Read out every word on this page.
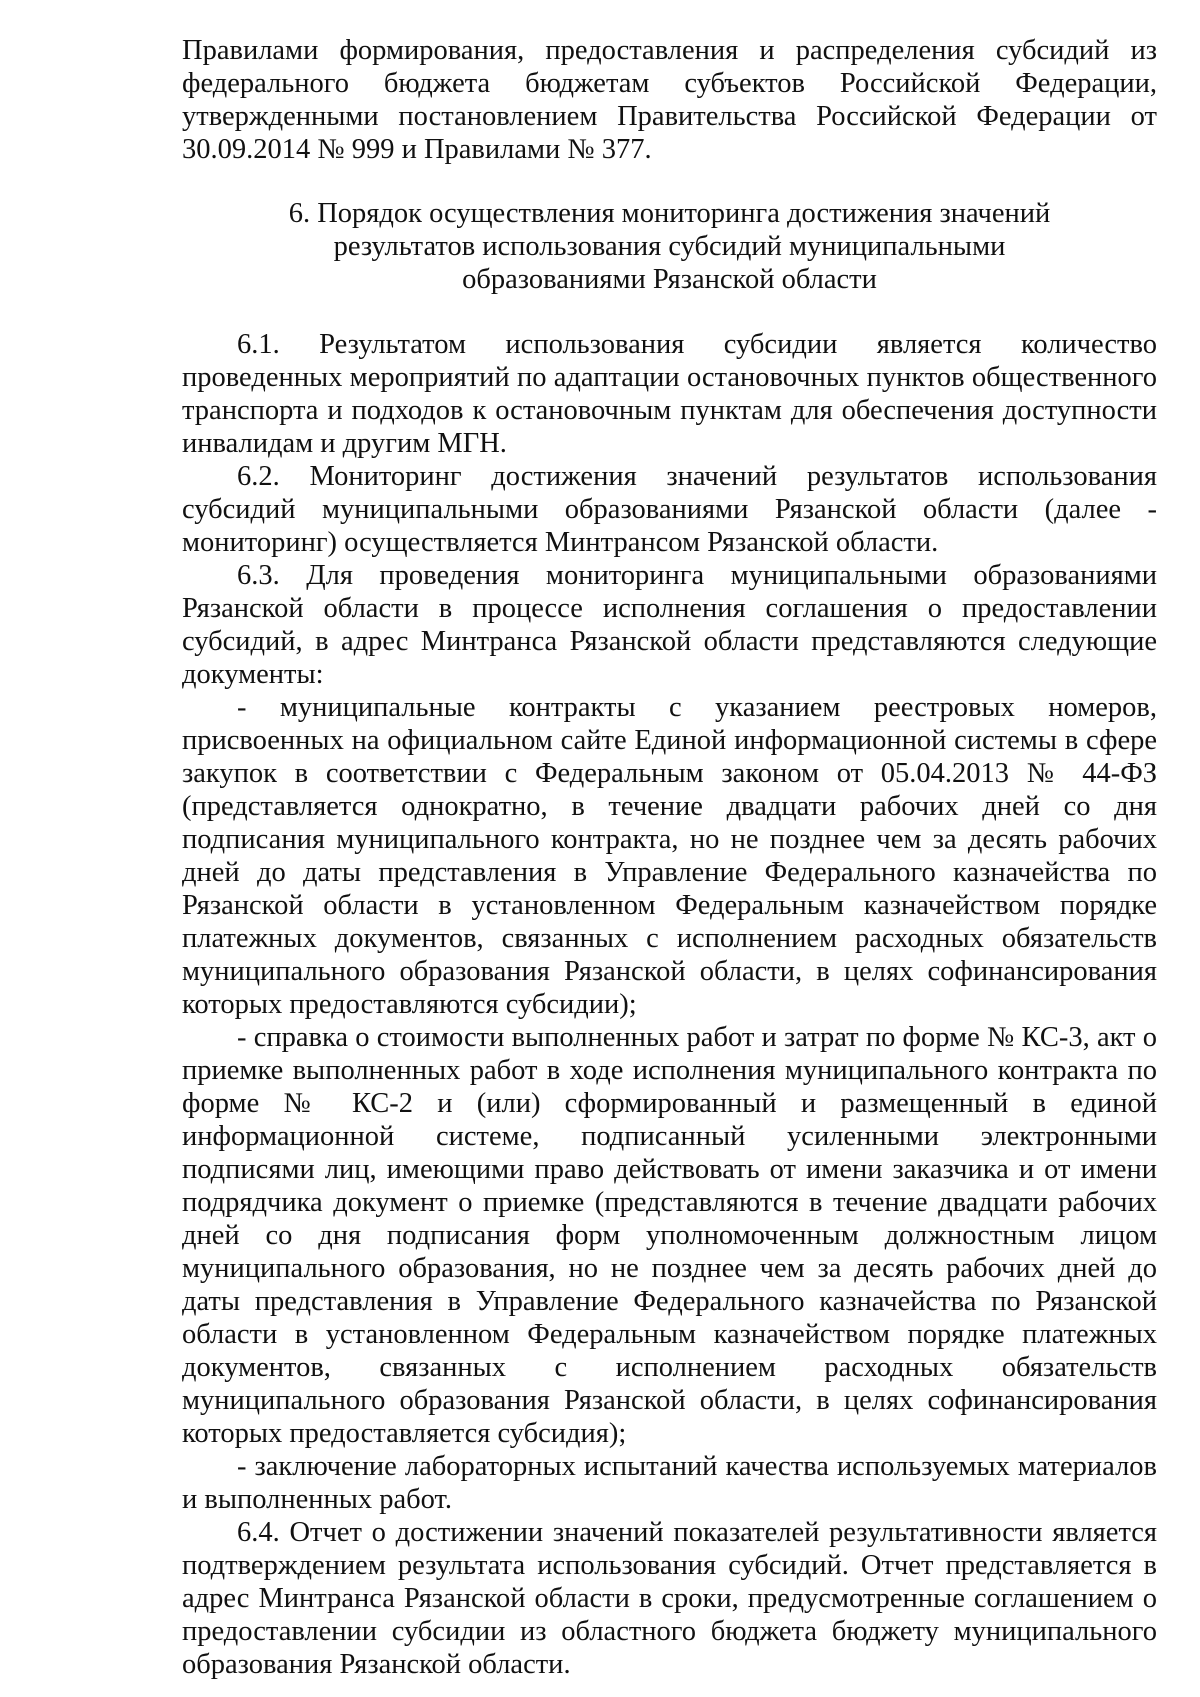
Правилами формирования, предоставления и распределения субсидий из федерального бюджета бюджетам субъектов Российской Федерации, утвержденными постановлением Правительства Российской Федерации от 30.09.2014 № 999 и Правилами № 377.

6. Порядок осуществления мониторинга достижения значений
результатов использования субсидий муниципальными
образованиями Рязанской области

6.1. Результатом использования субсидии является количество проведенных мероприятий по адаптации остановочных пунктов общественного транспорта и подходов к остановочным пунктам для обеспечения доступности инвалидам и другим МГН.

6.2. Мониторинг достижения значений результатов использования субсидий муниципальными образованиями Рязанской области (далее - мониторинг) осуществляется Минтрансом Рязанской области.

6.3. Для проведения мониторинга муниципальными образованиями Рязанской области в процессе исполнения соглашения о предоставлении субсидий, в адрес Минтранса Рязанской области представляются следующие документы:

- муниципальные контракты с указанием реестровых номеров, присвоенных на официальном сайте Единой информационной системы в сфере закупок в соответствии с Федеральным законом от 05.04.2013 № 44-ФЗ (представляется однократно, в течение двадцати рабочих дней со дня подписания муниципального контракта, но не позднее чем за десять рабочих дней до даты представления в Управление Федерального казначейства по Рязанской области в установленном Федеральным казначейством порядке платежных документов, связанных с исполнением расходных обязательств муниципального образования Рязанской области, в целях софинансирования которых предоставляются субсидии);

- справка о стоимости выполненных работ и затрат по форме № КС-3, акт о приемке выполненных работ в ходе исполнения муниципального контракта по форме № КС-2 и (или) сформированный и размещенный в единой информационной системе, подписанный усиленными электронными подписями лиц, имеющими право действовать от имени заказчика и от имени подрядчика документ о приемке (представляются в течение двадцати рабочих дней со дня подписания форм уполномоченным должностным лицом муниципального образования, но не позднее чем за десять рабочих дней до даты представления в Управление Федерального казначейства по Рязанской области в установленном Федеральным казначейством порядке платежных документов, связанных с исполнением расходных обязательств муниципального образования Рязанской области, в целях софинансирования которых предоставляется субсидия);

- заключение лабораторных испытаний качества используемых материалов и выполненных работ.

6.4. Отчет о достижении значений показателей результативности является подтверждением результата использования субсидий. Отчет представляется в адрес Минтранса Рязанской области в сроки, предусмотренные соглашением о предоставлении субсидии из областного бюджета бюджету муниципального образования Рязанской области.
